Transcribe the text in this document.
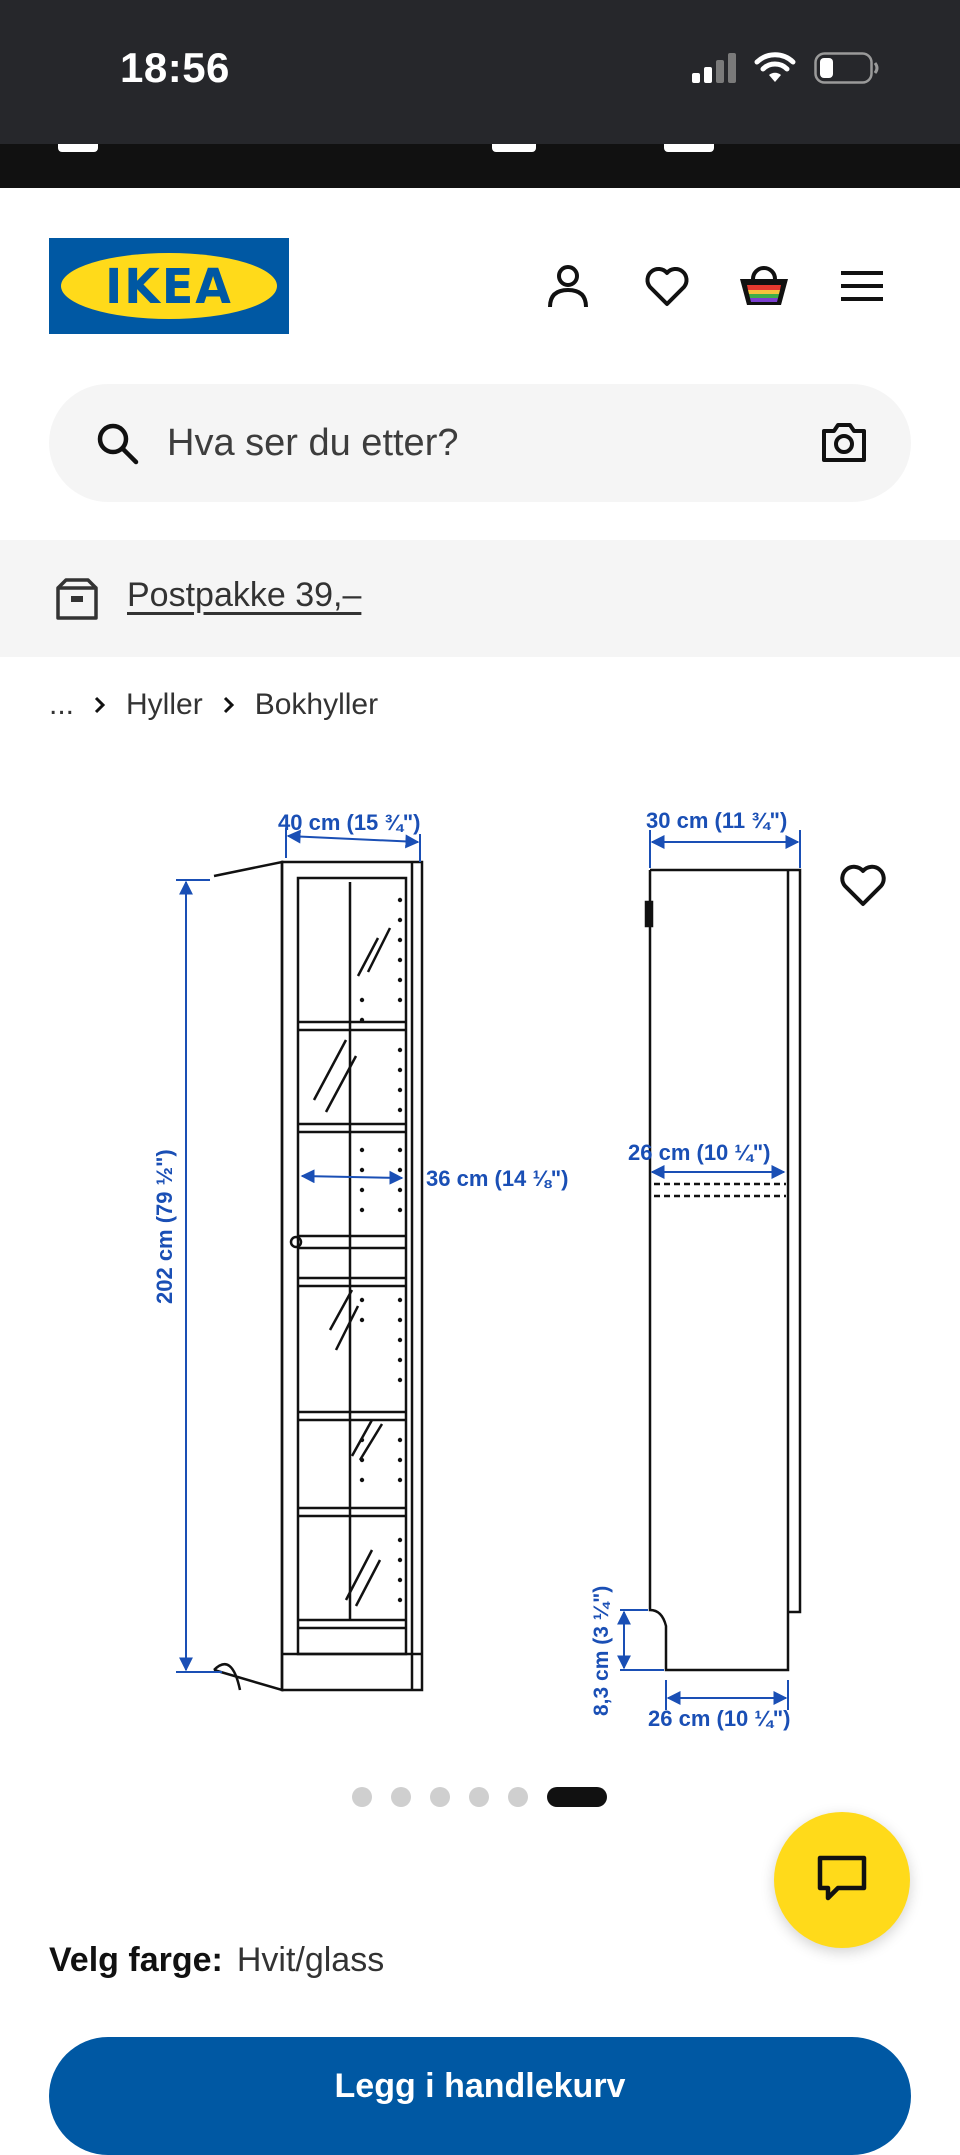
18:56
IKEA
Hva ser du etter?
Postpakke 39,–
... Hyller Bokhyller
40 cm (15 ¾")
202 cm (79 ½")	36 cm (14 ⅛")
30 cm (11 ¾")
26 cm (10 ¼")
8,3 cm (3 ¼")
26 cm (10 ¼")
Velg farge: Hvit/glass
Legg i handlekurv
